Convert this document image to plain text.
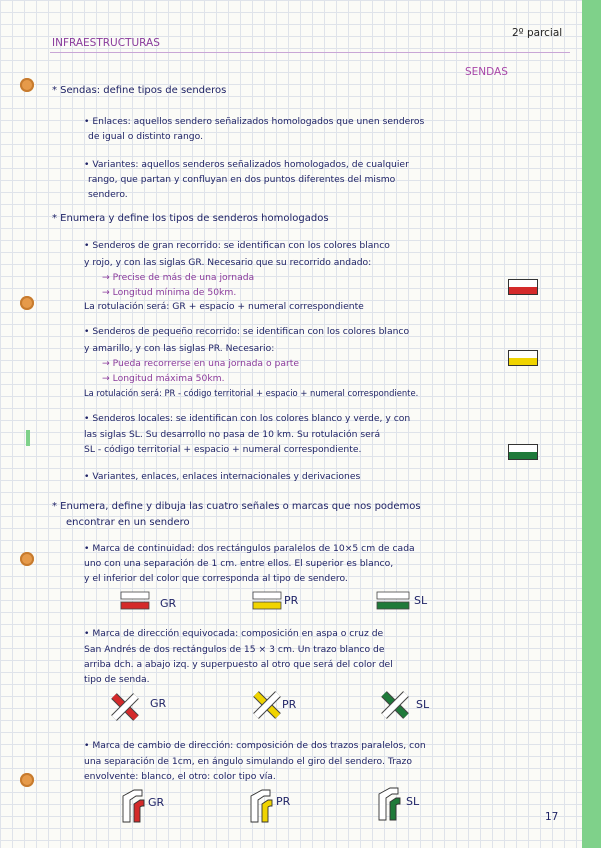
INFRAESTRUCTURAS
2º parcial
SENDAS
* Sendas: define tipos de senderos
• Enlaces: aquellos sendero señalizados homologados que unen senderos
de igual o distinto rango.
• Variantes: aquellos senderos señalizados homologados, de cualquier
rango, que partan y confluyan en dos puntos diferentes del mismo
sendero.
* Enumera y define los tipos de senderos homologados
• Senderos de gran recorrido: se identifican con los colores blanco
y rojo, y con las siglas GR. Necesario que su recorrido andado:
→ Precise de más de una jornada
→ Longitud mínima de 50km.
La rotulación será: GR + espacio + numeral correspondiente
• Senderos de pequeño recorrido: se identifican con los colores blanco
y amarillo, y con las siglas PR. Necesario:
→ Pueda recorrerse en una jornada o parte
→ Longitud máxima 50km.
La rotulación será: PR - código territorial + espacio + numeral correspondiente.
• Senderos locales: se identifican con los colores blanco y verde, y con
las siglas SL. Su desarrollo no pasa de 10 km. Su rotulación será
SL - código territorial + espacio + numeral correspondiente.
• Variantes, enlaces, enlaces internacionales y derivaciones
* Enumera, define y dibuja las cuatro señales o marcas que nos podemos
encontrar en un sendero
• Marca de continuidad: dos rectángulos paralelos de 10×5 cm de cada
uno con una separación de 1 cm. entre ellos. El superior es blanco,
y el inferior del color que corresponda al tipo de sendero.
GR	PR	SL
• Marca de dirección equivocada: composición en aspa o cruz de
San Andrés de dos rectángulos de 15 × 3 cm. Un trazo blanco de
arriba dch. a abajo izq. y superpuesto al otro que será del color del
tipo de senda.
GR	PR	SL
• Marca de cambio de dirección: composición de dos trazos paralelos, con
una separación de 1cm, en ángulo simulando el giro del sendero. Trazo
envolvente: blanco, el otro: color tipo vía.
GR	PR	SL
17
